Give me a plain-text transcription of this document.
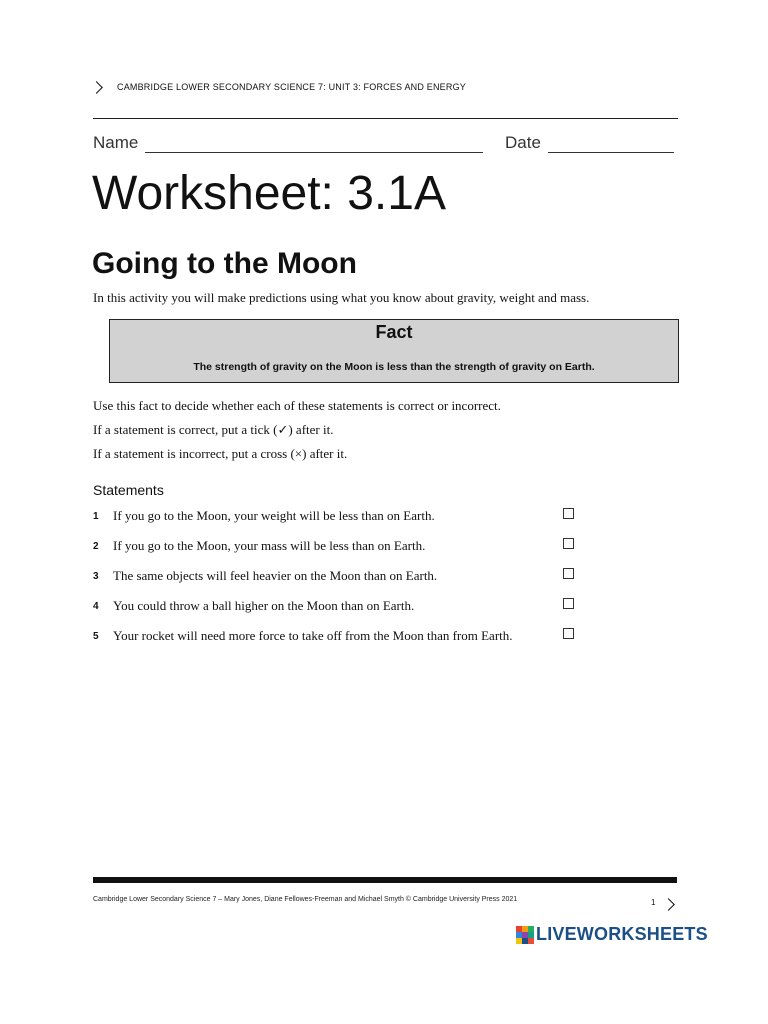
CAMBRIDGE LOWER SECONDARY SCIENCE 7: UNIT 3: FORCES AND ENERGY
Name	Date
Worksheet: 3.1A
Going to the Moon
In this activity you will make predictions using what you know about gravity, weight and mass.
Fact
The strength of gravity on the Moon is less than the strength of gravity on Earth.
Use this fact to decide whether each of these statements is correct or incorrect.
If a statement is correct, put a tick (✓) after it.
If a statement is incorrect, put a cross (×) after it.
Statements
1 If you go to the Moon, your weight will be less than on Earth.
2 If you go to the Moon, your mass will be less than on Earth.
3 The same objects will feel heavier on the Moon than on Earth.
4 You could throw a ball higher on the Moon than on Earth.
5 Your rocket will need more force to take off from the Moon than from Earth.
Cambridge Lower Secondary Science 7 – Mary Jones, Diane Fellowes-Freeman and Michael Smyth © Cambridge University Press 2021	1
LIVEWORKSHEETS
